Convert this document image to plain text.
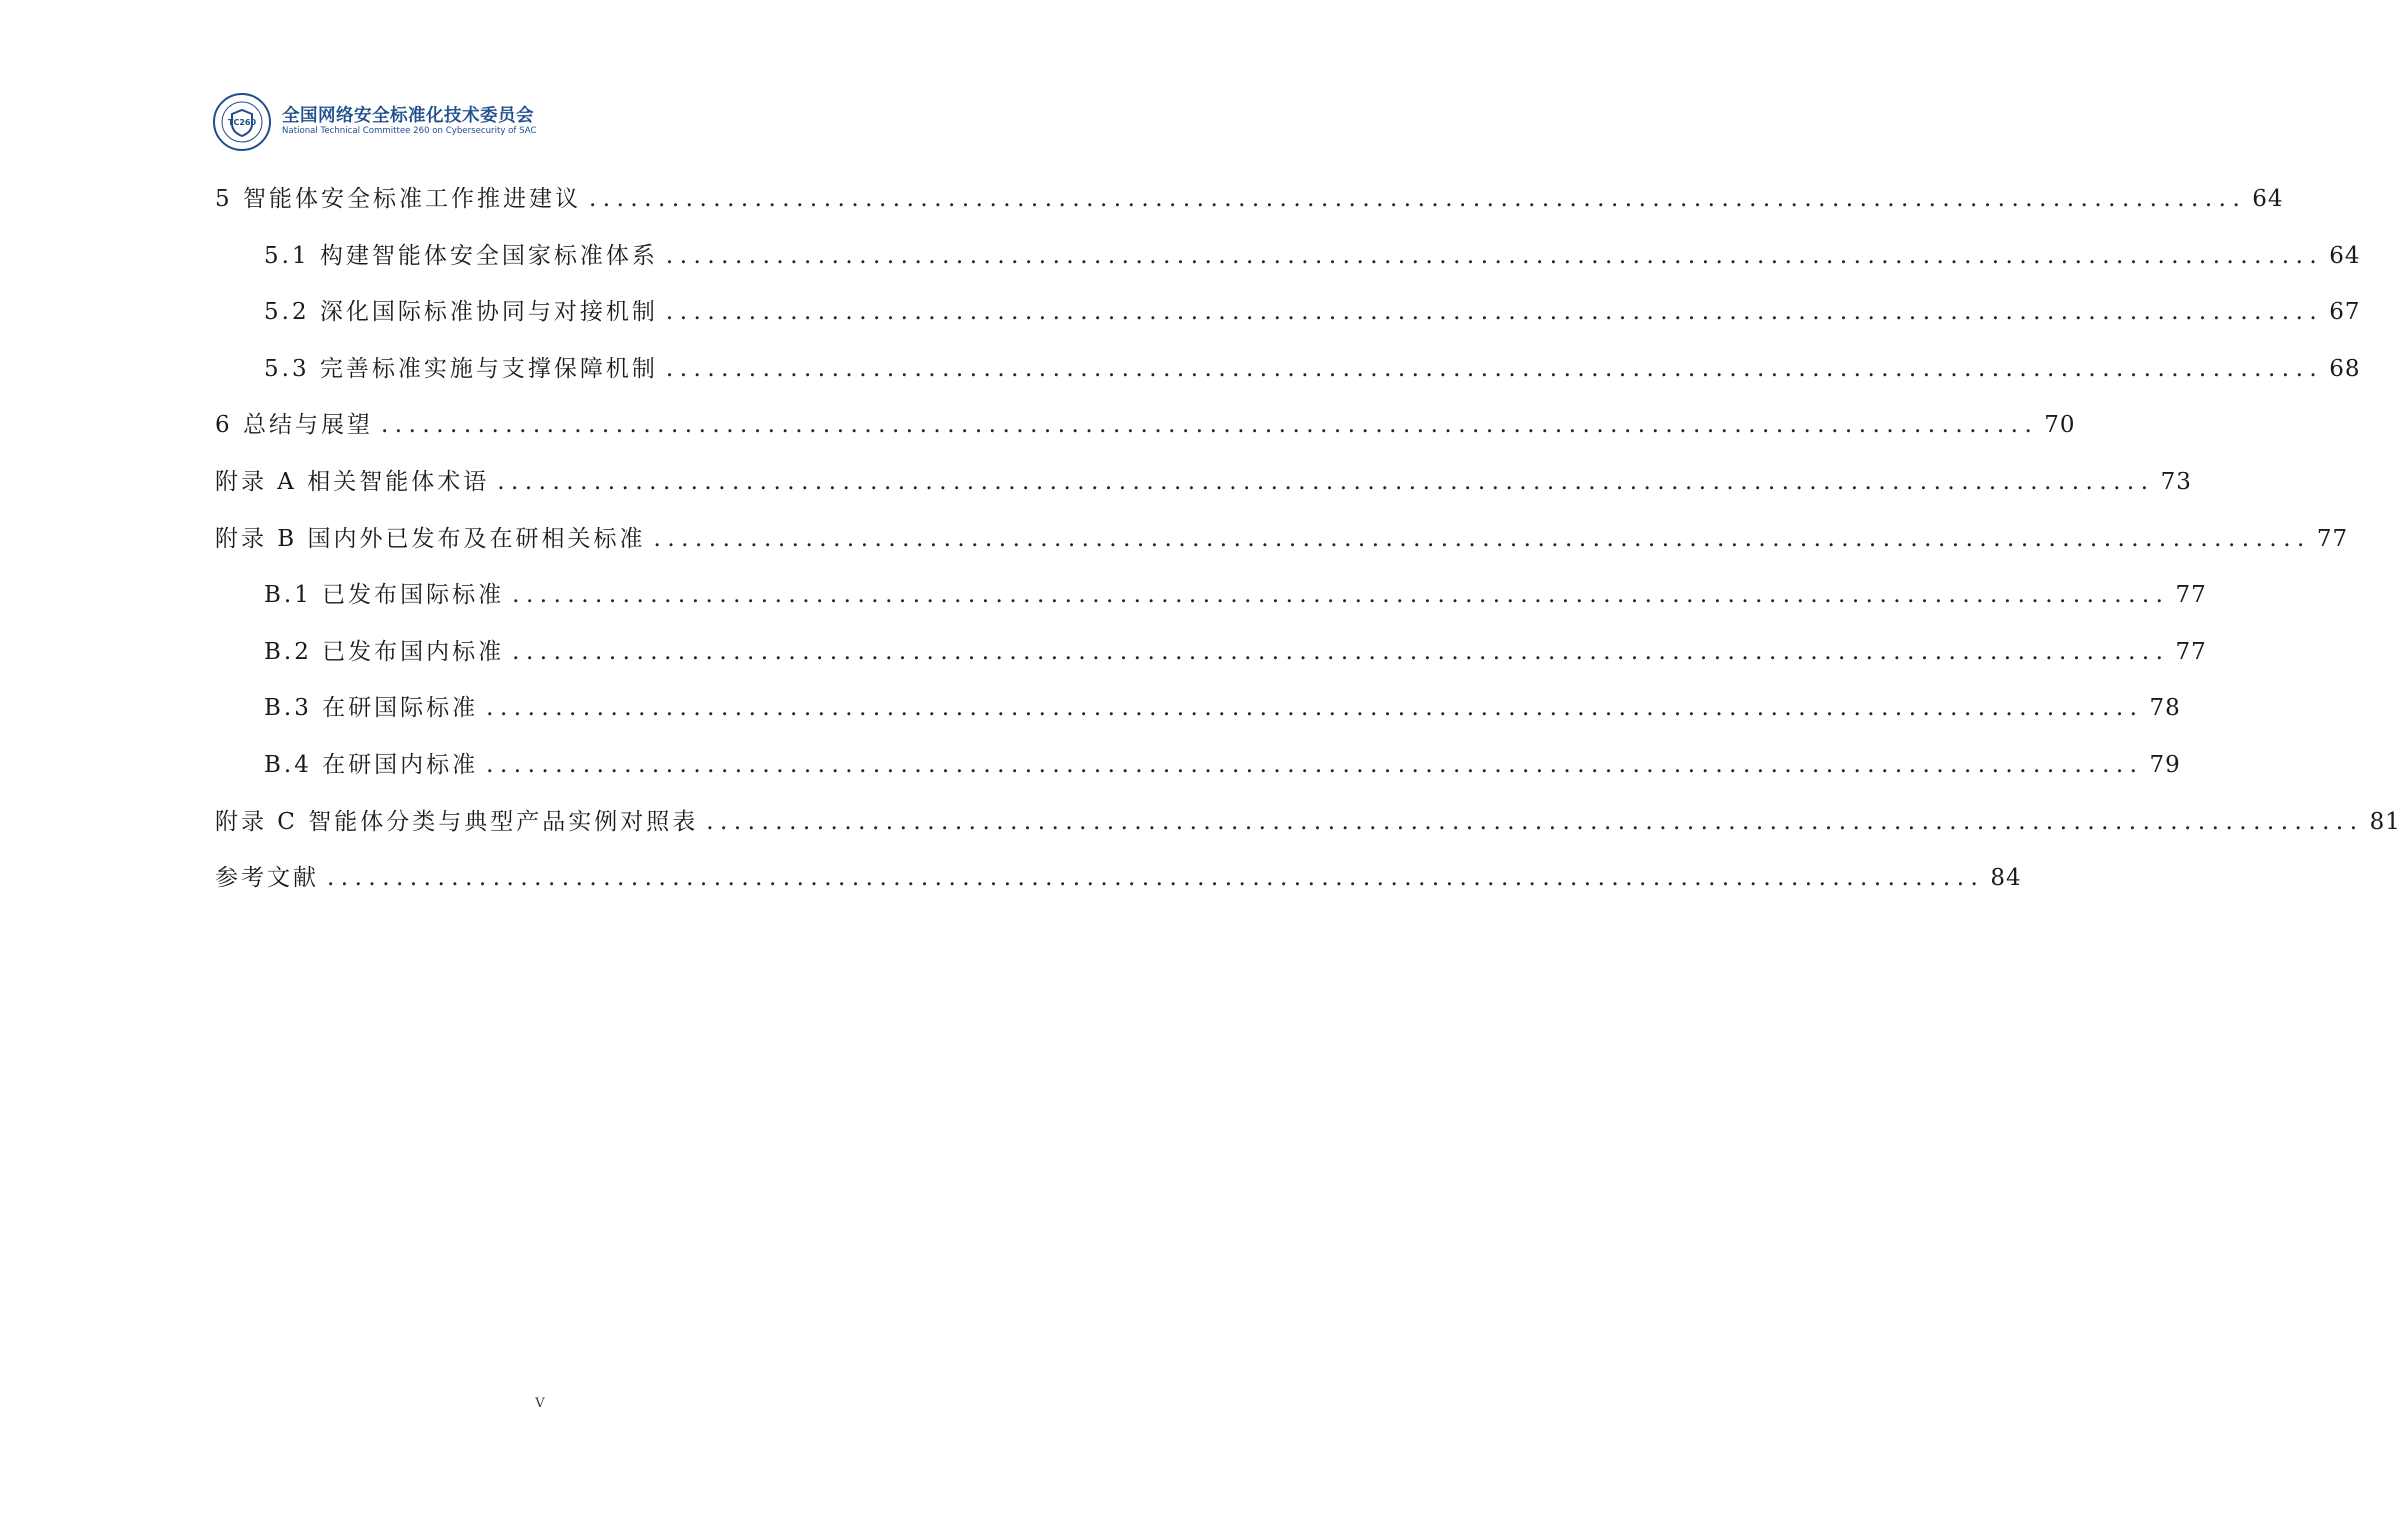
TC260 全国网络安全标准化技术委员会
National Technical Committee 260 on Cybersecurity of SAC
5 智能体安全标准工作推进建议 ........................................................................................................................ 64
5.1 构建智能体安全国家标准体系 ........................................................................................................................ 64
5.2 深化国际标准协同与对接机制 ........................................................................................................................ 67
5.3 完善标准实施与支撑保障机制 ........................................................................................................................ 68
6 总结与展望 ........................................................................................................................ 70
附录 A 相关智能体术语 ........................................................................................................................ 73
附录 B 国内外已发布及在研相关标准 ........................................................................................................................ 77
B.1 已发布国际标准 ........................................................................................................................ 77
B.2 已发布国内标准 ........................................................................................................................ 77
B.3 在研国际标准 ........................................................................................................................ 78
B.4 在研国内标准 ........................................................................................................................ 79
附录 C 智能体分类与典型产品实例对照表 ........................................................................................................................ 81
参考文献 ........................................................................................................................ 84
V
